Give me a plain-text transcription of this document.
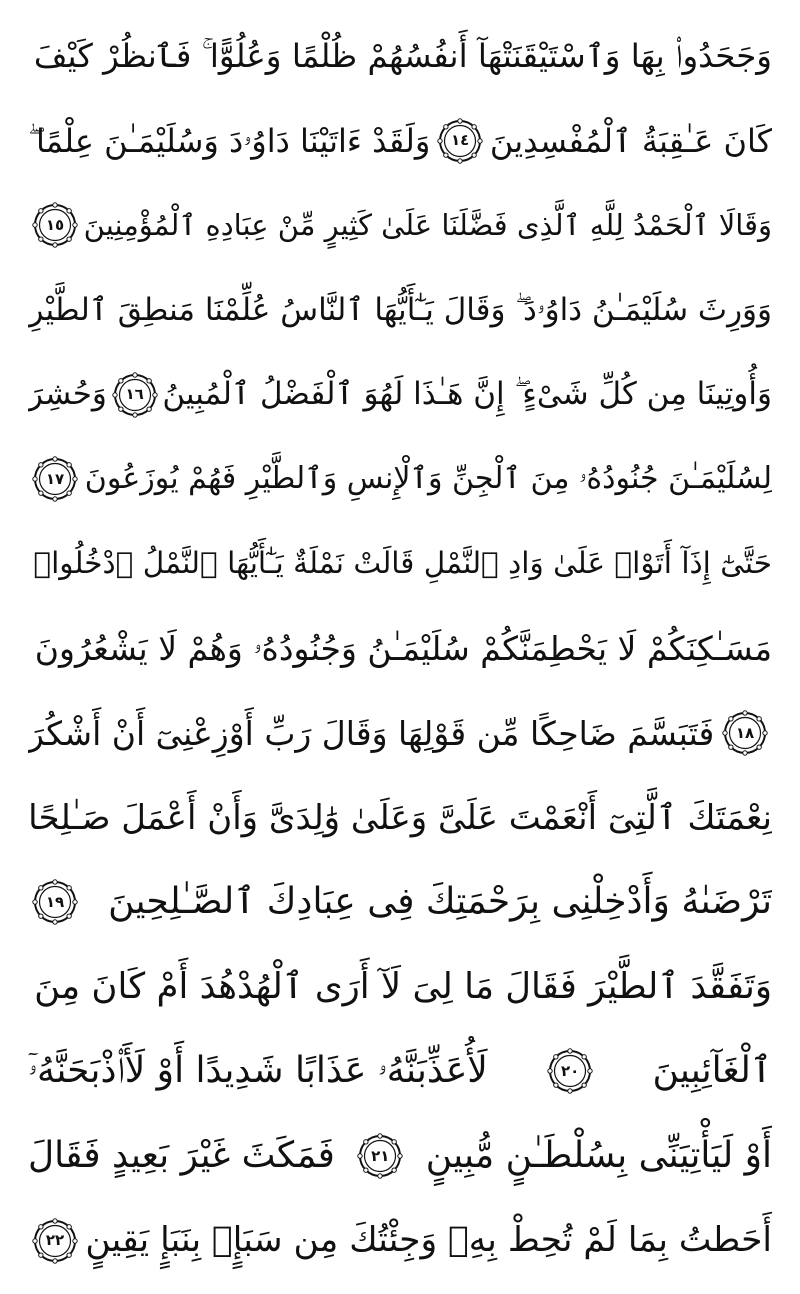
وَجَحَدُوا۟ بِهَا وَٱسْتَيْقَنَتْهَآ أَنفُسُهُمْ ظُلْمًا وَعُلُوًّا ۚ فَٱنظُرْ كَيْفَ
كَانَ عَـٰقِبَةُ ٱلْمُفْسِدِينَ
١٤
وَلَقَدْ ءَاتَيْنَا دَاوُۥدَ وَسُلَيْمَـٰنَ عِلْمًا ۖ
وَقَالَا ٱلْحَمْدُ لِلَّهِ ٱلَّذِى فَضَّلَنَا عَلَىٰ كَثِيرٍ مِّنْ عِبَادِهِ ٱلْمُؤْمِنِينَ
١٥
وَوَرِثَ سُلَيْمَـٰنُ دَاوُۥدَ ۖ وَقَالَ يَـٰٓأَيُّهَا ٱلنَّاسُ عُلِّمْنَا مَنطِقَ ٱلطَّيْرِ
وَأُوتِينَا مِن كُلِّ شَىْءٍ ۖ إِنَّ هَـٰذَا لَهُوَ ٱلْفَضْلُ ٱلْمُبِينُ
١٦
وَحُشِرَ
لِسُلَيْمَـٰنَ جُنُودُهُۥ مِنَ ٱلْجِنِّ وَٱلْإِنسِ وَٱلطَّيْرِ فَهُمْ يُوزَعُونَ
١٧
حَتَّىٰٓ إِذَآ أَتَوْا۟ عَلَىٰ وَادِ ٱلنَّمْلِ قَالَتْ نَمْلَةٌ يَـٰٓأَيُّهَا ٱلنَّمْلُ ٱدْخُلُوا۟
مَسَـٰكِنَكُمْ لَا يَحْطِمَنَّكُمْ سُلَيْمَـٰنُ وَجُنُودُهُۥ وَهُمْ لَا يَشْعُرُونَ
١٨
فَتَبَسَّمَ ضَاحِكًا مِّن قَوْلِهَا وَقَالَ رَبِّ أَوْزِعْنِىٓ أَنْ أَشْكُرَ
نِعْمَتَكَ ٱلَّتِىٓ أَنْعَمْتَ عَلَىَّ وَعَلَىٰ وَٰلِدَىَّ وَأَنْ أَعْمَلَ صَـٰلِحًا
تَرْضَىٰهُ وَأَدْخِلْنِى بِرَحْمَتِكَ فِى عِبَادِكَ ٱلصَّـٰلِحِينَ
١٩
وَتَفَقَّدَ ٱلطَّيْرَ فَقَالَ مَا لِىَ لَآ أَرَى ٱلْهُدْهُدَ أَمْ كَانَ مِنَ
ٱلْغَآئِبِينَ
٢٠
لَأُعَذِّبَنَّهُۥ عَذَابًا شَدِيدًا أَوْ لَأَا۟ذْبَحَنَّهُۥٓ
أَوْ لَيَأْتِيَنِّى بِسُلْطَـٰنٍ مُّبِينٍ
٢١
فَمَكَثَ غَيْرَ بَعِيدٍ فَقَالَ
أَحَطتُ بِمَا لَمْ تُحِطْ بِهِۦ وَجِئْتُكَ مِن سَبَإٍۭ بِنَبَإٍ يَقِينٍ
٢٢
